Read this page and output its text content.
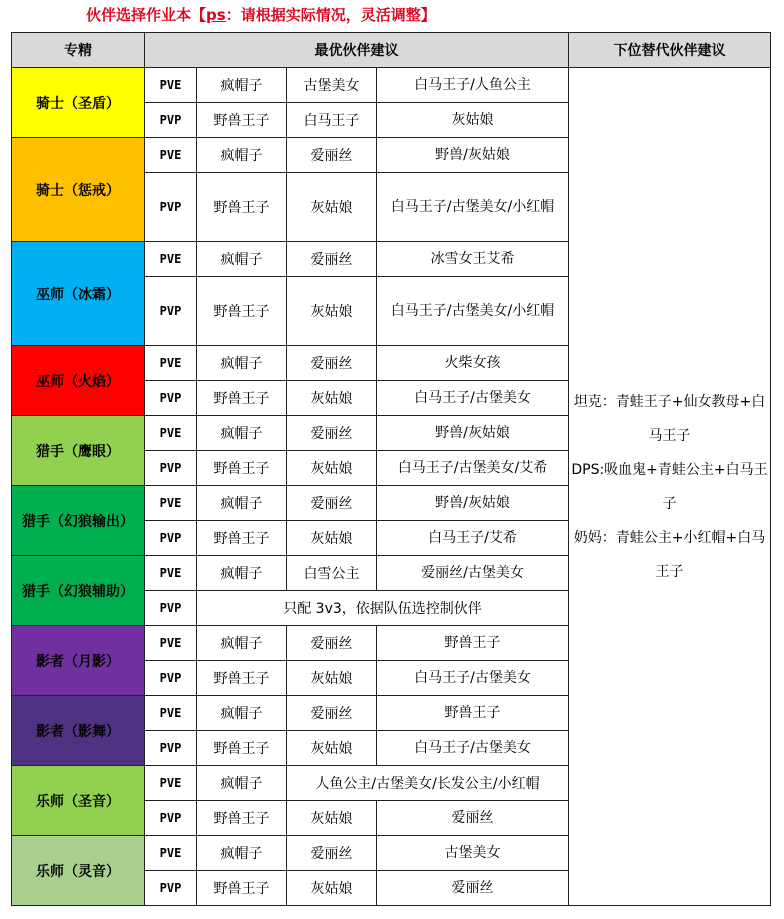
伙伴选择作业本【ps：请根据实际情况，灵活调整】
专精	最优伙伴建议				下位替代伙伴建议
骑士（圣盾）	PVE	疯帽子	古堡美女	白马王子/人鱼公主	坦克：青蛙王子+仙女教母+白马王子
DPS:吸血鬼+青蛙公主+白马王子
奶妈：青蛙公主+小红帽+白马王子

	PVP	野兽王子	白马王子	灰姑娘	
骑士（惩戒）	PVE	疯帽子	爱丽丝	野兽/灰姑娘	
	PVP	野兽王子	灰姑娘	白马王子/古堡美女/小红帽	
巫师（冰霜）	PVE	疯帽子	爱丽丝	冰雪女王艾希	
	PVP	野兽王子	灰姑娘	白马王子/古堡美女/小红帽	
巫师（火焰）	PVE	疯帽子	爱丽丝	火柴女孩	
	PVP	野兽王子	灰姑娘	白马王子/古堡美女	
猎手（鹰眼）	PVE	疯帽子	爱丽丝	野兽/灰姑娘	
	PVP	野兽王子	灰姑娘	白马王子/古堡美女/艾希	
猎手（幻狼输出）	PVE	疯帽子	爱丽丝	野兽/灰姑娘	
	PVP	野兽王子	灰姑娘	白马王子/艾希	
猎手（幻狼辅助）	PVE	疯帽子	白雪公主	爱丽丝/古堡美女	
	PVP	只配 3v3，依据队伍选控制伙伴			
影者（月影）	PVE	疯帽子	爱丽丝	野兽王子	
	PVP	野兽王子	灰姑娘	白马王子/古堡美女	
影者（影舞）	PVE	疯帽子	爱丽丝	野兽王子	
	PVP	野兽王子	灰姑娘	白马王子/古堡美女	
乐师（圣音）	PVE	疯帽子	人鱼公主/古堡美女/长发公主/小红帽		
	PVP	野兽王子	灰姑娘	爱丽丝	
乐师（灵音）	PVE	疯帽子	爱丽丝	古堡美女	
	PVP	野兽王子	灰姑娘	爱丽丝	
